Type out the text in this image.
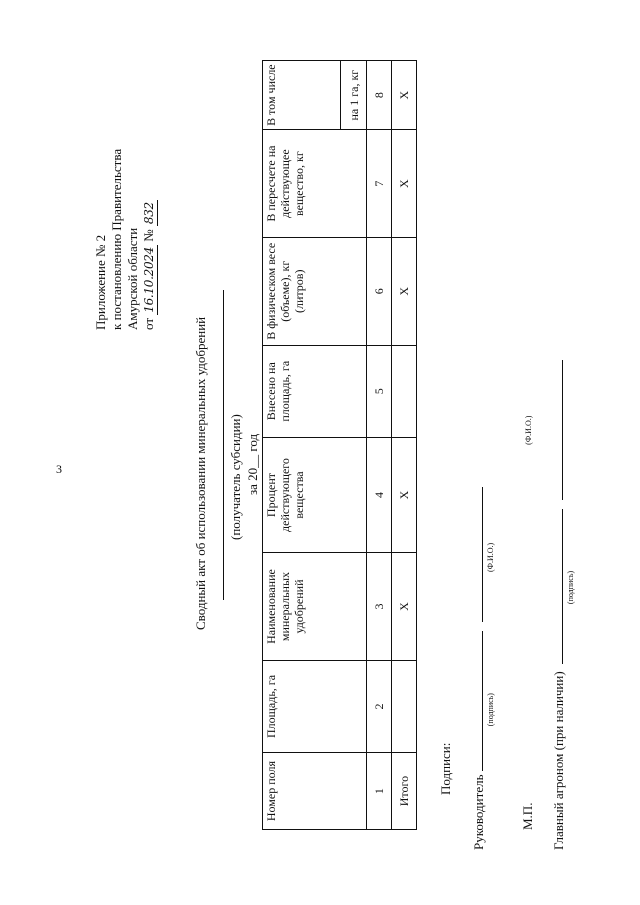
3
Приложение № 2 к постановлению Правительства Амурской области от 16.10.2024 № 832
Сводный акт об использовании минеральных удобрений (получатель субсидии) за 20__ год
Номер поля	Площадь, га	Наименование минеральных удобрений	Процент действующего вещества	Внесено на площадь, га	В физическом весе (объеме), кг (литров)	В пересчете на действующее вещество, кг	В том числе
							на 1 га, кг
1	2	3	4	5	6	7	8
Итого		Х	Х		Х	Х	Х
Подписи:
Руководитель
(подпись)

(Ф.И.О.)
М.П. Главный агроном (при наличии)
(подпись)

(Ф.И.О.)
